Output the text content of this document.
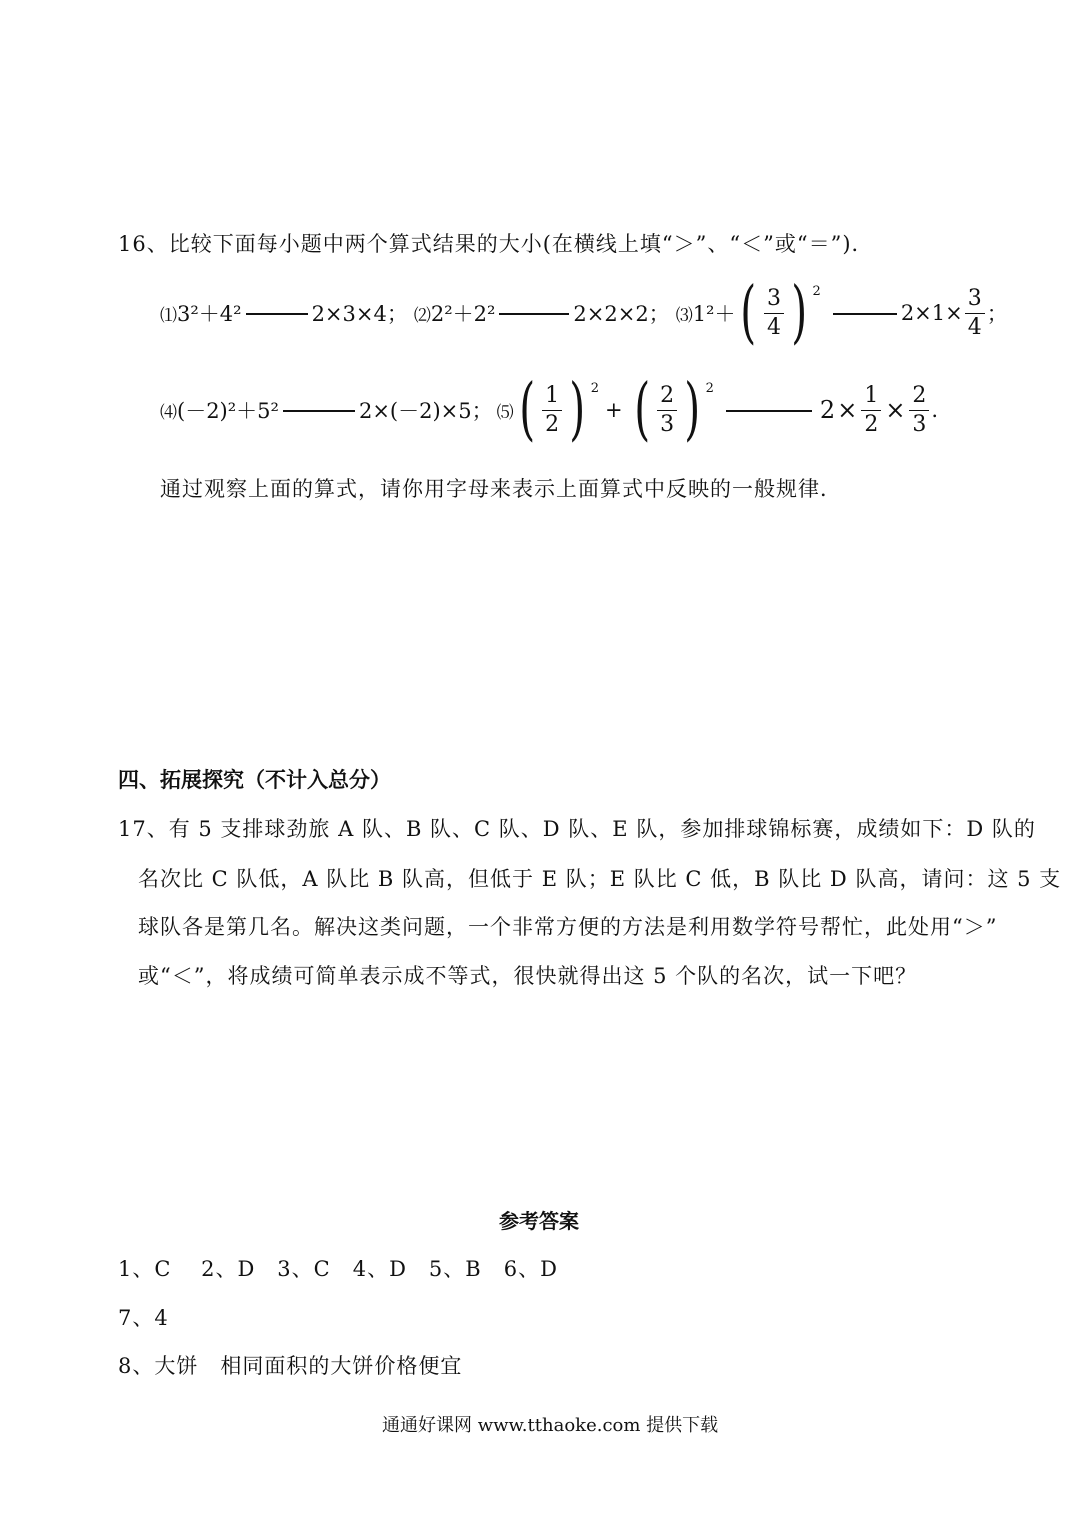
16、比较下面每小题中两个算式结果的大小(在横线上填“＞”、“＜”或“＝”)．
⑴ 3²＋4²	2×3×4； ⑵ 2²＋2²	2×2×2； ⑶ 1²＋ ( $\frac{3}{4}$ ) 2
$2\times 1\times \frac{3}{4}$ ；
⑷ (－2)²＋5²	2×(－2)×5； ⑸ ( $\frac{1}{2}$ ) 2
+ ( $\frac{2}{3}$ ) 2
$2 \times \frac{1}{2} \times \frac{2}{3}$ .
通过观察上面的算式，请你用字母来表示上面算式中反映的一般规律．
四、拓展探究（不计入总分）
17、有 5 支排球劲旅 A 队、B 队、C 队、D 队、E 队，参加排球锦标赛，成绩如下：D 队的
名次比 C 队低，A 队比 B 队高，但低于 E 队；E 队比 C 低，B 队比 D 队高，请问：这 5 支
球队各是第几名。解决这类问题，一个非常方便的方法是利用数学符号帮忙，此处用“＞”
或“＜”，将成绩可简单表示成不等式，很快就得出这 5 个队的名次，试一下吧？
参考答案
1、C　 2、D　3、C　4、D　5、B　6、D
7、4
8、大饼　相同面积的大饼价格便宜
通通好课网 www.tthaoke.com 提供下载
